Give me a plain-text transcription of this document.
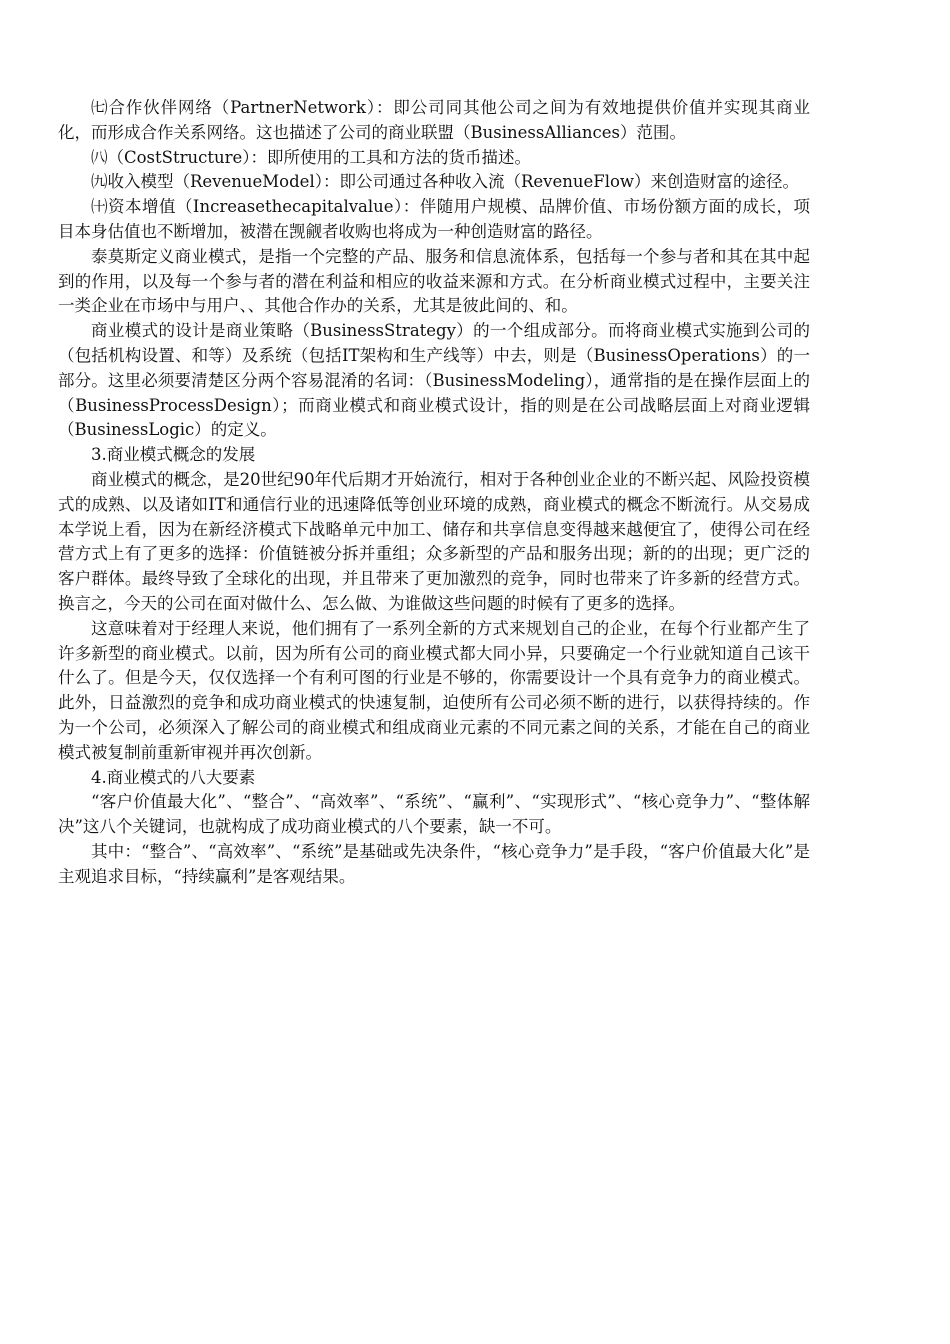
㈦合作伙伴网络（PartnerNetwork）：即公司同其他公司之间为有效地提供价值并实现其商业化，而形成合作关系网络。这也描述了公司的商业联盟（BusinessAlliances）范围。

㈧（CostStructure）：即所使用的工具和方法的货币描述。

㈨收入模型（RevenueModel）：即公司通过各种收入流（RevenueFlow）来创造财富的途径。

㈩资本增值（Increasethecapitalvalue）：伴随用户规模、品牌价值、市场份额方面的成长，项目本身估值也不断增加，被潜在觊觎者收购也将成为一种创造财富的路径。

泰莫斯定义商业模式，是指一个完整的产品、服务和信息流体系，包括每一个参与者和其在其中起到的作用，以及每一个参与者的潜在利益和相应的收益来源和方式。在分析商业模式过程中，主要关注一类企业在市场中与用户、、其他合作办的关系，尤其是彼此间的、和。

商业模式的设计是商业策略（BusinessStrategy）的一个组成部分。而将商业模式实施到公司的（包括机构设置、和等）及系统（包括IT架构和生产线等）中去，则是（BusinessOperations）的一部分。这里必须要清楚区分两个容易混淆的名词：（BusinessModeling），通常指的是在操作层面上的（BusinessProcessDesign）；而商业模式和商业模式设计，指的则是在公司战略层面上对商业逻辑（BusinessLogic）的定义。

3.商业模式概念的发展

商业模式的概念，是20世纪90年代后期才开始流行，相对于各种创业企业的不断兴起、风险投资模式的成熟、以及诸如IT和通信行业的迅速降低等创业环境的成熟，商业模式的概念不断流行。从交易成本学说上看，因为在新经济模式下战略单元中加工、储存和共享信息变得越来越便宜了，使得公司在经营方式上有了更多的选择：价值链被分拆并重组；众多新型的产品和服务出现；新的的出现；更广泛的客户群体。最终导致了全球化的出现，并且带来了更加激烈的竞争，同时也带来了许多新的经营方式。换言之，今天的公司在面对做什么、怎么做、为谁做这些问题的时候有了更多的选择。

这意味着对于经理人来说，他们拥有了一系列全新的方式来规划自己的企业，在每个行业都产生了许多新型的商业模式。以前，因为所有公司的商业模式都大同小异，只要确定一个行业就知道自己该干什么了。但是今天，仅仅选择一个有利可图的行业是不够的，你需要设计一个具有竞争力的商业模式。此外，日益激烈的竞争和成功商业模式的快速复制，迫使所有公司必须不断的进行，以获得持续的。作为一个公司，必须深入了解公司的商业模式和组成商业元素的不同元素之间的关系，才能在自己的商业模式被复制前重新审视并再次创新。

4.商业模式的八大要素

“客户价值最大化”、“整合”、“高效率”、“系统”、“赢利”、“实现形式”、“核心竞争力”、“整体解决”这八个关键词，也就构成了成功商业模式的八个要素，缺一不可。

其中：“整合”、“高效率”、“系统”是基础或先决条件，“核心竞争力”是手段，“客户价值最大化”是主观追求目标，“持续赢利”是客观结果。
